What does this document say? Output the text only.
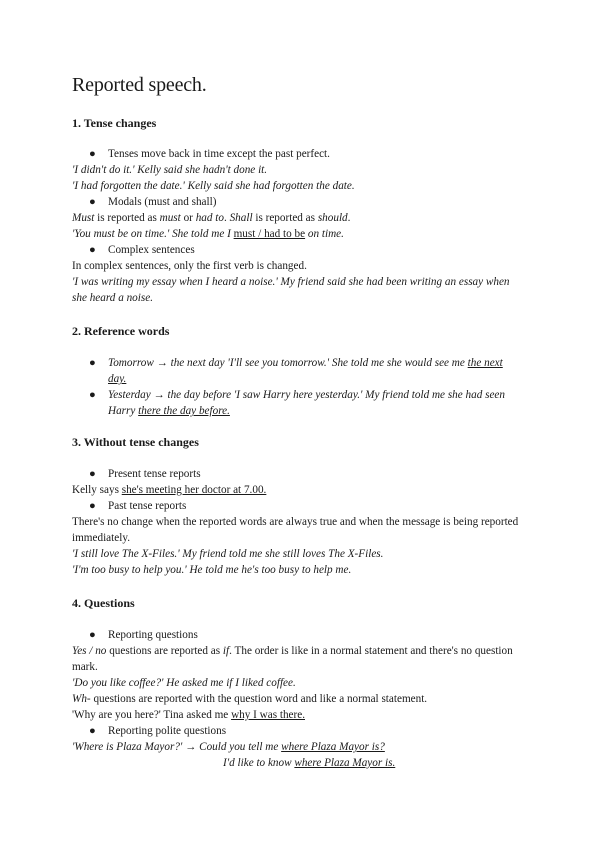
Reported speech.
1. Tense changes
● Tenses move back in time except the past perfect.
'I didn't do it.' Kelly said she hadn't done it.
'I had forgotten the date.' Kelly said she had forgotten the date.
● Modals (must and shall)
Must is reported as must or had to. Shall is reported as should.
'You must be on time.' She told me I must / had to be on time.
● Complex sentences
In complex sentences, only the first verb is changed.
'I was writing my essay when I heard a noise.' My friend said she had been writing an essay when she heard a noise.
2. Reference words
● Tomorrow → the next day 'I'll see you tomorrow.' She told me she would see me the next day.
● Yesterday → the day before 'I saw Harry here yesterday.' My friend told me she had seen Harry there the day before.
3. Without tense changes
● Present tense reports
Kelly says she's meeting her doctor at 7.00.
● Past tense reports
There's no change when the reported words are always true and when the message is being reported immediately.
'I still love The X-Files.' My friend told me she still loves The X-Files.
'I'm too busy to help you.' He told me he's too busy to help me.
4. Questions
● Reporting questions
Yes / no questions are reported as if. The order is like in a normal statement and there's no question mark.
'Do you like coffee?' He asked me if I liked coffee.
Wh- questions are reported with the question word and like a normal statement.
'Why are you here?' Tina asked me why I was there.
● Reporting polite questions
'Where is Plaza Mayor?' → Could you tell me where Plaza Mayor is?
I'd like to know where Plaza Mayor is.
